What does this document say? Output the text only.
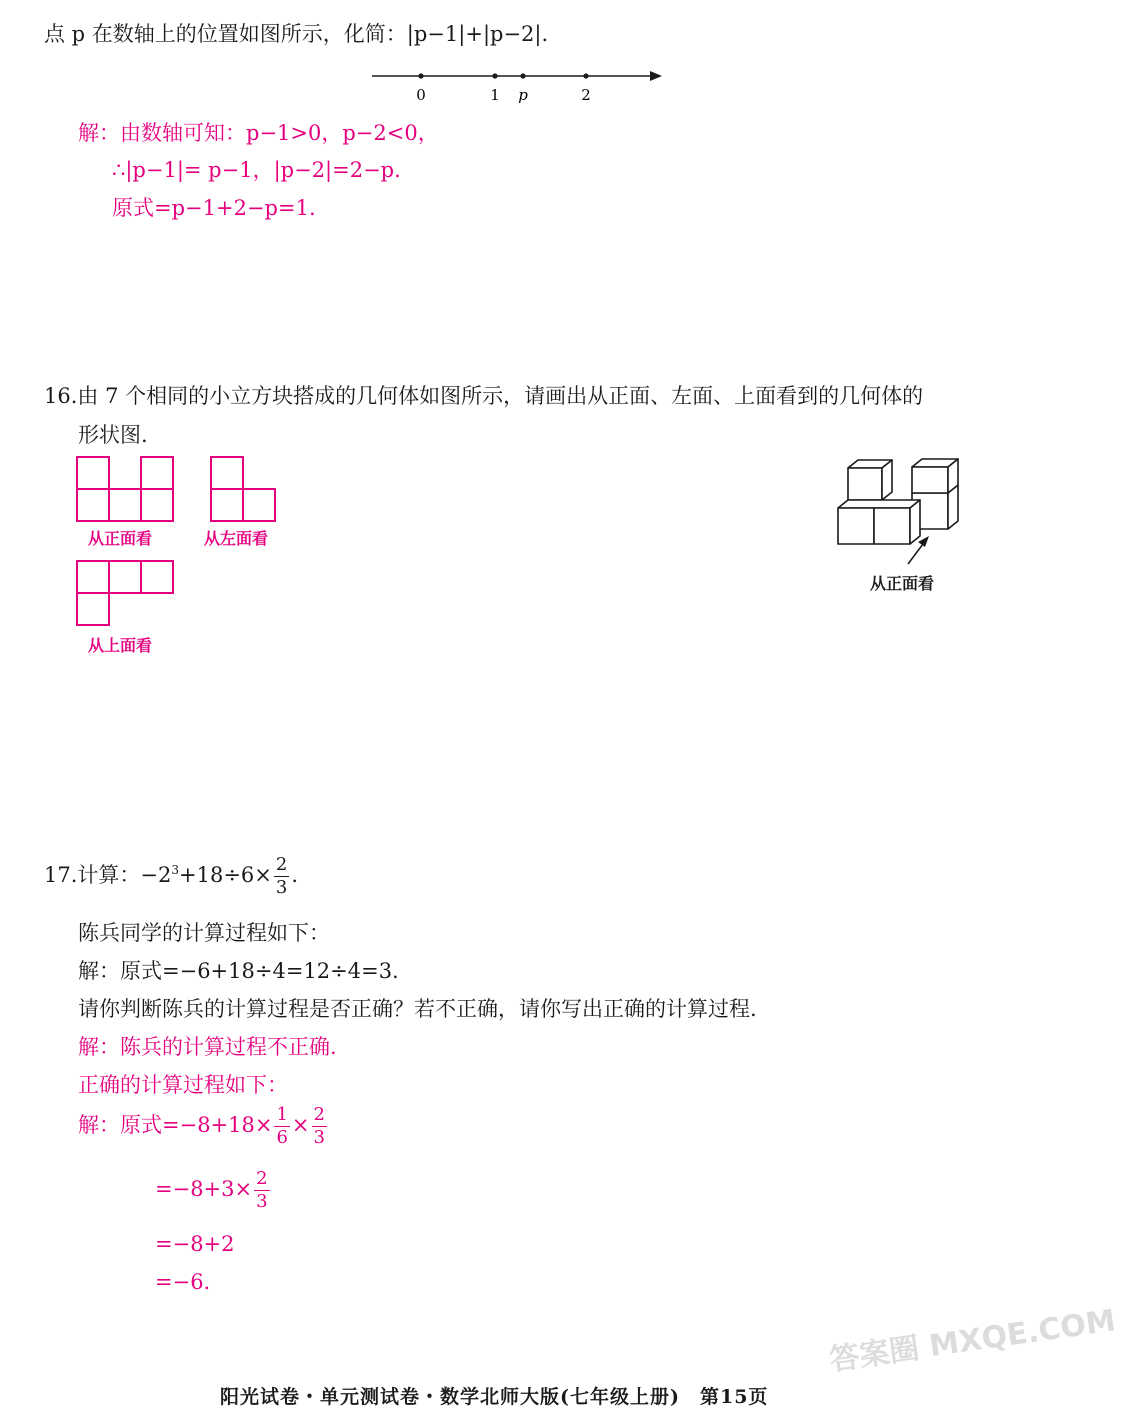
点 p 在数轴上的位置如图所示，化简：|p−1|+|p−2|.
0	1 p	2
解：由数轴可知：p−1>0，p−2<0，
∴|p−1|= p−1，|p−2|=2−p.
原式=p−1+2−p=1.
16.由 7 个相同的小立方块搭成的几何体如图所示，请画出从正面、左面、上面看到的几何体的
形状图.
从正面看	从左面看
从上面看
从正面看
17.计算：$-2^3+18\div 6\times \frac{2}{3}$ .
陈兵同学的计算过程如下：
解：原式=−6+18÷4=12÷4=3.
请你判断陈兵的计算过程是否正确？若不正确，请你写出正确的计算过程.
解：陈兵的计算过程不正确.
正确的计算过程如下：
解：原式$=-8+18\times \frac{1}{6} \times \frac{2}{3}$
$=-8+3\times \frac{2}{3}$
=−8+2
=−6.
阳光试卷・单元测试卷・数学北师大版(七年级上册)　第15页
答案圈 MXQE.COM
